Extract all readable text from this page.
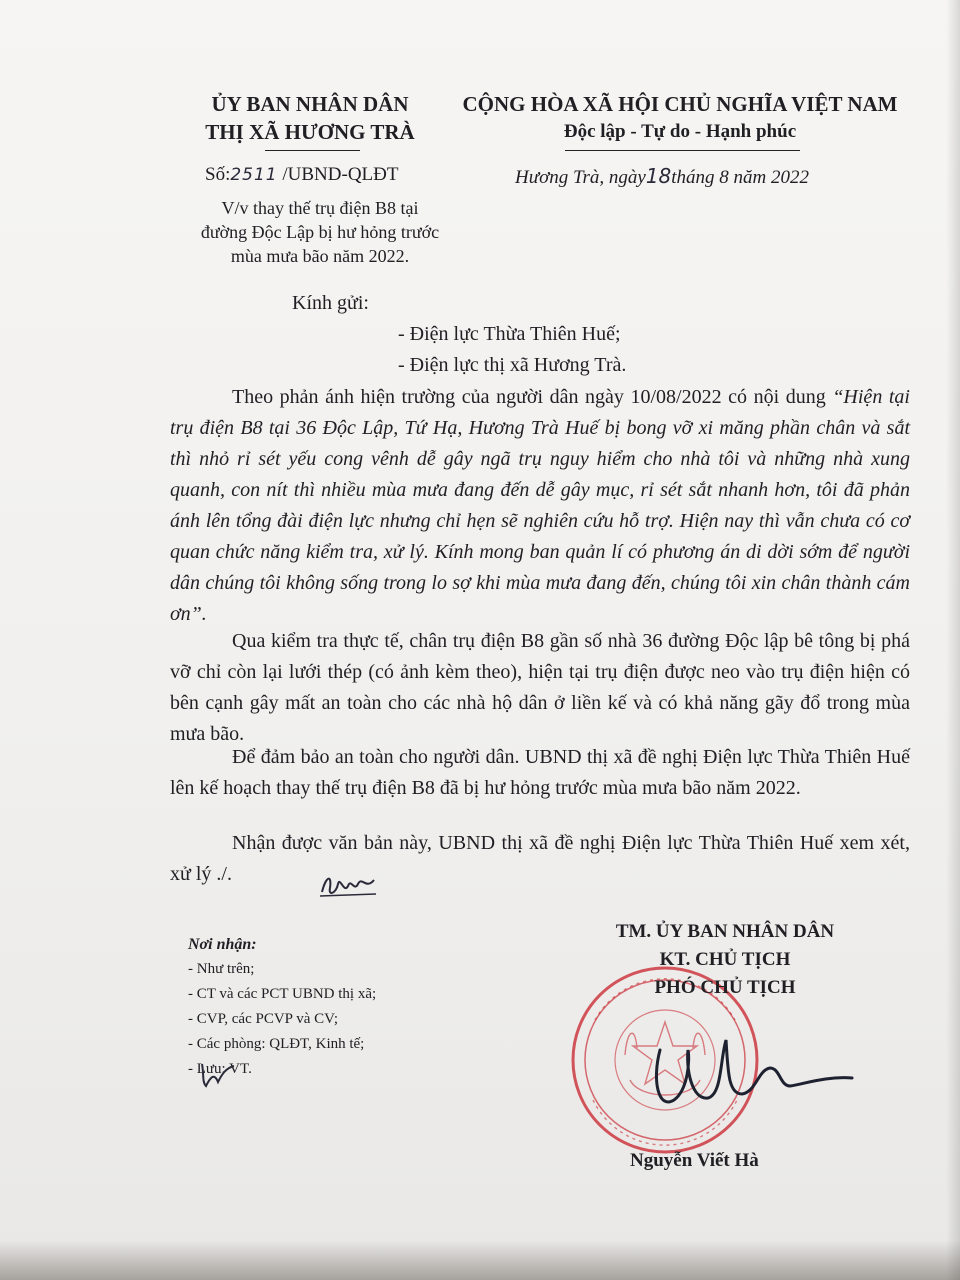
ỦY BAN NHÂN DÂN
THỊ XÃ HƯƠNG TRÀ
CỘNG HÒA XÃ HỘI CHỦ NGHĨA VIỆT NAM
Độc lập - Tự do - Hạnh phúc
Số:2511 /UBND-QLĐT	Hương Trà, ngày18tháng 8 năm 2022
V/v thay thế trụ điện B8 tại
đường Độc Lập bị hư hỏng trước
mùa mưa bão năm 2022.
Kính gửi:
- Điện lực Thừa Thiên Huế;
- Điện lực thị xã Hương Trà.
Theo phản ánh hiện trường của người dân ngày 10/08/2022 có nội dung “Hiện tại trụ điện B8 tại 36 Độc Lập, Tứ Hạ, Hương Trà Huế bị bong vỡ xi măng phần chân và sắt thì nhỏ rỉ sét yếu cong vênh dễ gây ngã trụ nguy hiểm cho nhà tôi và những nhà xung quanh, con nít thì nhiều mùa mưa đang đến dễ gây mục, rỉ sét sắt nhanh hơn, tôi đã phản ánh lên tổng đài điện lực nhưng chỉ hẹn sẽ nghiên cứu hỗ trợ. Hiện nay thì vẫn chưa có cơ quan chức năng kiểm tra, xử lý. Kính mong ban quản lí có phương án di dời sớm để người dân chúng tôi không sống trong lo sợ khi mùa mưa đang đến, chúng tôi xin chân thành cám ơn”.
Qua kiểm tra thực tế, chân trụ điện B8 gần số nhà 36 đường Độc lập bê tông bị phá vỡ chỉ còn lại lưới thép (có ảnh kèm theo), hiện tại trụ điện được neo vào trụ điện hiện có bên cạnh gây mất an toàn cho các nhà hộ dân ở liền kế và có khả năng gãy đổ trong mùa mưa bão.
Để đảm bảo an toàn cho người dân. UBND thị xã đề nghị Điện lực Thừa Thiên Huế lên kế hoạch thay thế trụ điện B8 đã bị hư hỏng trước mùa mưa bão năm 2022.
Nhận được văn bản này, UBND thị xã đề nghị Điện lực Thừa Thiên Huế xem xét, xử lý ./.
Nơi nhận:
- Như trên;
- CT và các PCT UBND thị xã;
- CVP, các PCVP và CV;
- Các phòng: QLĐT, Kinh tế;
- Lưu: VT.
TM. ỦY BAN NHÂN DÂN
KT. CHỦ TỊCH
PHÓ CHỦ TỊCH
Nguyễn Viết Hà
